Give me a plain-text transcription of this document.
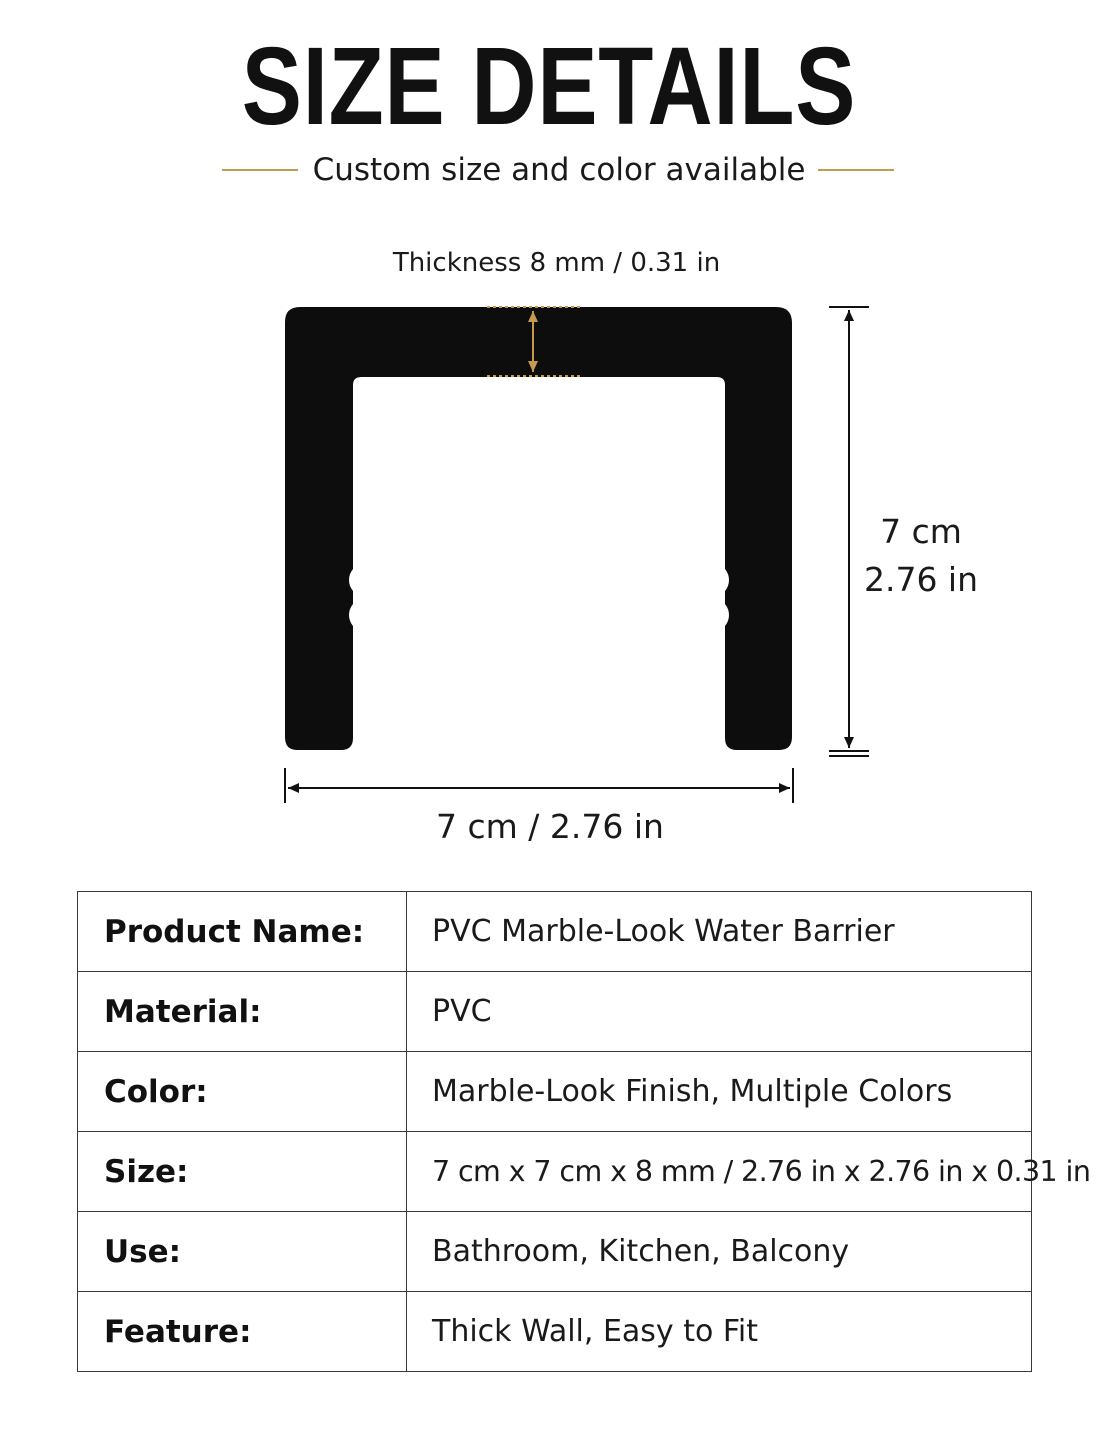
SIZE DETAILS
Custom size and color available
Thickness 8 mm / 0.31 in
7 cm
2.76 in
7 cm / 2.76 in
Product Name:	PVC Marble-Look Water Barrier
Material:	PVC
Color:	Marble-Look Finish, Multiple Colors
Size:	7 cm x 7 cm x 8 mm / 2.76 in x 2.76 in x 0.31 in
Use:	Bathroom, Kitchen, Balcony
Feature:	Thick Wall, Easy to Fit
